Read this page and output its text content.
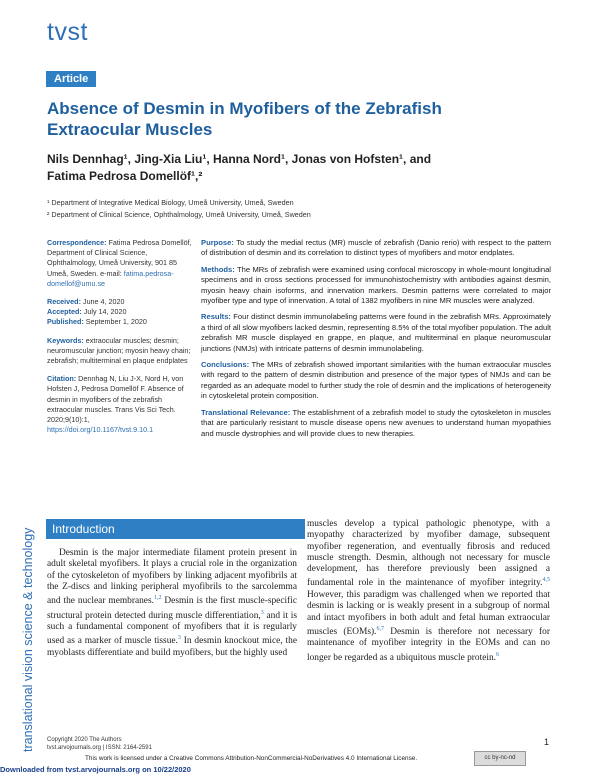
tvst
Article
Absence of Desmin in Myofibers of the Zebrafish
Extraocular Muscles
Nils Dennhag¹, Jing-Xia Liu¹, Hanna Nord¹, Jonas von Hofsten¹, and
Fatima Pedrosa Domellöf¹,²
¹ Department of Integrative Medical Biology, Umeå University, Umeå, Sweden
² Department of Clinical Science, Ophthalmology, Umeå University, Umeå, Sweden
Correspondence: Fatima Pedrosa Domellöf, Department of Clinical Science, Ophthalmology, Umeå University, 901 85 Umeå, Sweden. e-mail: fatima.pedrosa-domellof@umu.se
Received: June 4, 2020
Accepted: July 14, 2020
Published: September 1, 2020
Keywords: extraocular muscles; desmin; neuromuscular junction; myosin heavy chain; zebrafish; multiterminal en plaque endplates
Citation: Dennhag N, Liu J-X, Nord H, von Hofsten J, Pedrosa Domellöf F. Absence of desmin in myofibers of the zebrafish extraocular muscles. Trans Vis Sci Tech. 2020;9(10):1, https://doi.org/10.1167/tvst.9.10.1
Purpose: To study the medial rectus (MR) muscle of zebrafish (Danio rerio) with respect to the pattern of distribution of desmin and its correlation to distinct types of myofibers and motor endplates.
Methods: The MRs of zebrafish were examined using confocal microscopy in whole-mount longitudinal specimens and in cross sections processed for immunohistochemistry with antibodies against desmin, myosin heavy chain isoforms, and innervation markers. Desmin patterns were correlated to major myofiber type and type of innervation. A total of 1382 myofibers in nine MR muscles were analyzed.
Results: Four distinct desmin immunolabeling patterns were found in the zebrafish MRs. Approximately a third of all slow myofibers lacked desmin, representing 8.5% of the total myofiber population. The adult zebrafish MR muscle displayed en grappe, en plaque, and multiterminal en plaque neuromuscular junctions (NMJs) with intricate patterns of desmin immunolabeling.
Conclusions: The MRs of zebrafish showed important similarities with the human extraocular muscles with regard to the pattern of desmin distribution and presence of the major types of NMJs and can be regarded as an adequate model to further study the role of desmin and the implications of heterogeneity in cytoskeletal protein composition.
Translational Relevance: The establishment of a zebrafish model to study the cytoskeleton in muscles that are particularly resistant to muscle disease opens new avenues to understand human myopathies and muscle dystrophies and will provide clues to new therapies.
translational vision science & technology	Introduction
Desmin is the major intermediate filament protein present in adult skeletal myofibers. It plays a crucial role in the organization of the cytoskeleton of myofibers by linking adjacent myofibrils at the Z-discs and linking peripheral myofibrils to the sarcolemma and the nuclear membranes.$^{1,2}$ Desmin is the first muscle-specific structural protein detected during muscle differentiation,$^3$ and it is such a fundamental component of myofibers that it is regularly used as a marker of muscle tissue.$^3$ In desmin knockout mice, the myoblasts differentiate and build myofibers, but the highly used
muscles develop a typical pathologic phenotype, with a myopathy characterized by myofiber damage, subsequent myofiber regeneration, and eventually fibrosis and reduced muscle strength. Desmin, although not necessary for muscle development, has therefore previously been assigned a fundamental role in the maintenance of myofiber integrity.$^{4,5}$ However, this paradigm was challenged when we reported that desmin is lacking or is weakly present in a subgroup of normal and intact myofibers in both adult and fetal human extraocular muscles (EOMs).$^{6,7}$ Desmin is therefore not necessary for maintenance of myofiber integrity in the EOMs and can no longer be regarded as a ubiquitous muscle protein.$^6$
Copyright 2020 The Authors
tvst.arvojournals.org | ISSN: 2164-2591
1
This work is licensed under a Creative Commons Attribution-NonCommercial-NoDerivatives 4.0 International License.	cc by-nc-nd
Downloaded from tvst.arvojournals.org on 10/22/2020
